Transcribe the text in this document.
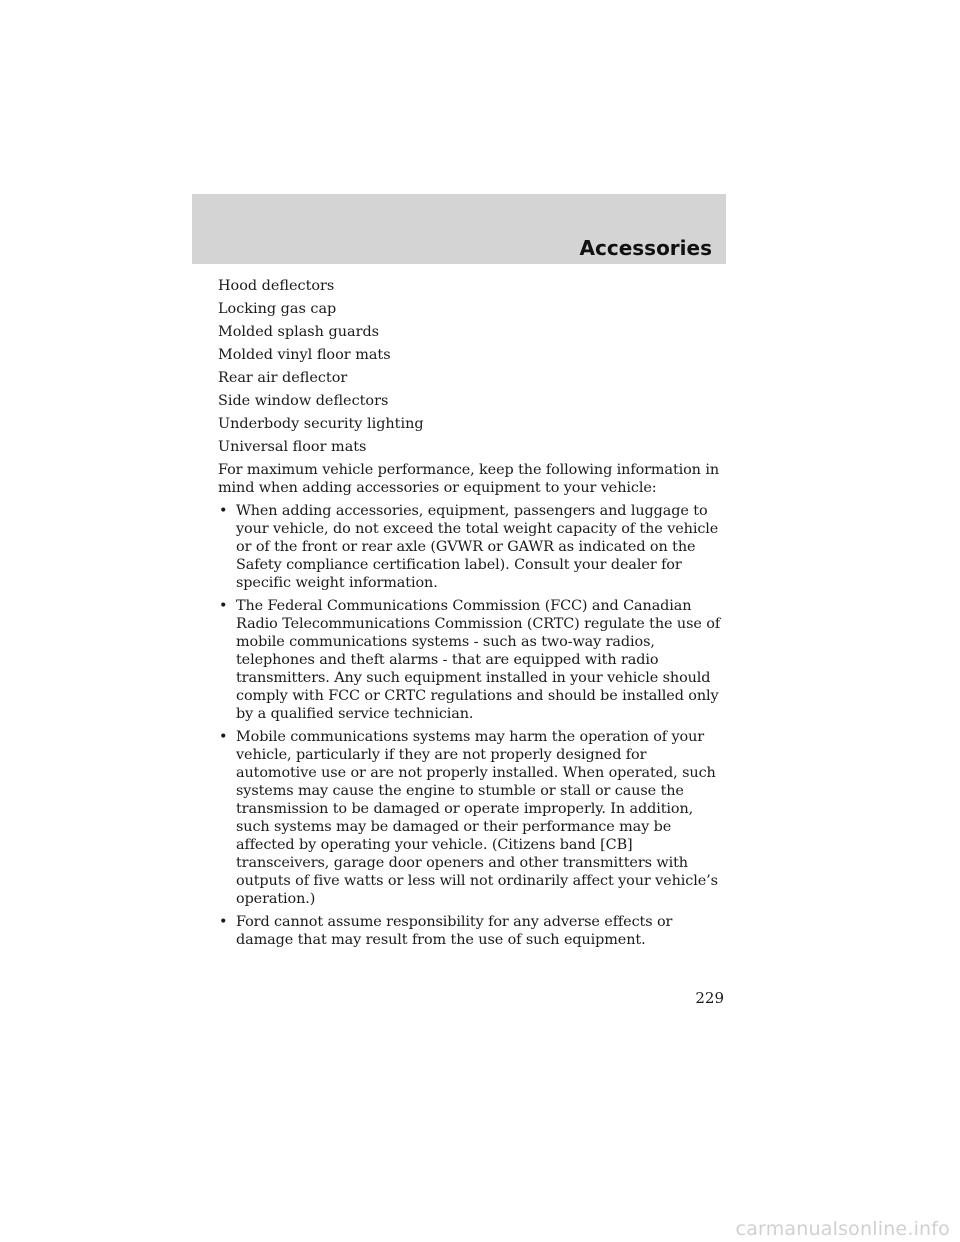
Accessories
Hood deflectors
Locking gas cap
Molded splash guards
Molded vinyl floor mats
Rear air deflector
Side window deflectors
Underbody security lighting
Universal floor mats

For maximum vehicle performance, keep the following information in mind when adding accessories or equipment to your vehicle:

• When adding accessories, equipment, passengers and luggage to your vehicle, do not exceed the total weight capacity of the vehicle or of the front or rear axle (GVWR or GAWR as indicated on the Safety compliance certification label). Consult your dealer for specific weight information.
• The Federal Communications Commission (FCC) and Canadian Radio Telecommunications Commission (CRTC) regulate the use of mobile communications systems - such as two-way radios, telephones and theft alarms - that are equipped with radio transmitters. Any such equipment installed in your vehicle should comply with FCC or CRTC regulations and should be installed only by a qualified service technician.
• Mobile communications systems may harm the operation of your vehicle, particularly if they are not properly designed for automotive use or are not properly installed. When operated, such systems may cause the engine to stumble or stall or cause the transmission to be damaged or operate improperly. In addition, such systems may be damaged or their performance may be affected by operating your vehicle. (Citizens band [CB] transceivers, garage door openers and other transmitters with outputs of five watts or less will not ordinarily affect your vehicle’s operation.)
• Ford cannot assume responsibility for any adverse effects or damage that may result from the use of such equipment.
229
carmanualsonline.info
